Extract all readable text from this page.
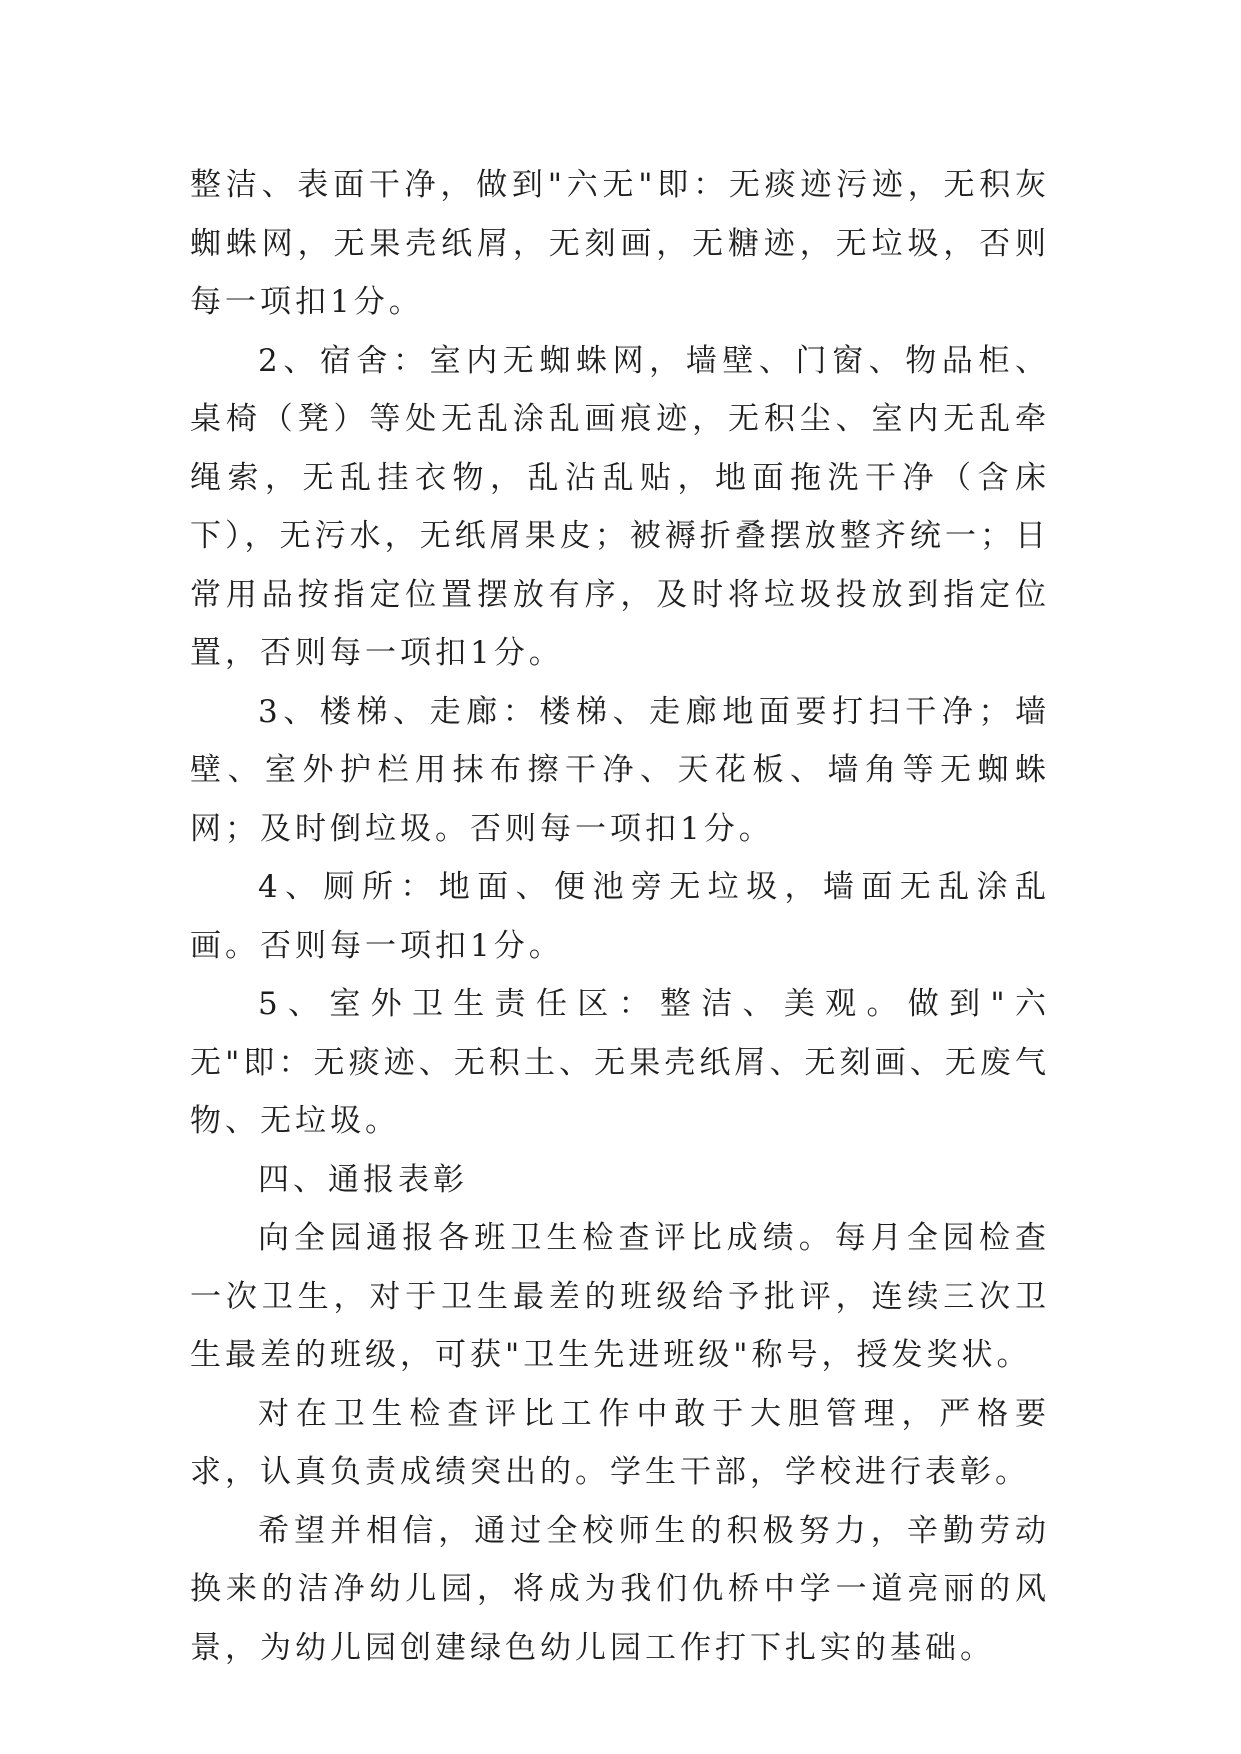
整洁、表面干净，做到"六无"即：无痰迹污迹，无积灰蜘蛛网，无果壳纸屑，无刻画，无糖迹，无垃圾，否则每一项扣1分。

2、宿舍：室内无蜘蛛网，墙壁、门窗、物品柜、桌椅（凳）等处无乱涂乱画痕迹，无积尘、室内无乱牵绳索，无乱挂衣物，乱沾乱贴，地面拖洗干净（含床下），无污水，无纸屑果皮；被褥折叠摆放整齐统一；日常用品按指定位置摆放有序，及时将垃圾投放到指定位置，否则每一项扣1分。

3、楼梯、走廊：楼梯、走廊地面要打扫干净；墙壁、室外护栏用抹布擦干净、天花板、墙角等无蜘蛛网；及时倒垃圾。否则每一项扣1分。

4、厕所：地面、便池旁无垃圾，墙面无乱涂乱画。否则每一项扣1分。

5、室外卫生责任区：整洁、美观。做到"六无"即：无痰迹、无积土、无果壳纸屑、无刻画、无废气物、无垃圾。

四、通报表彰

向全园通报各班卫生检查评比成绩。每月全园检查一次卫生，对于卫生最差的班级给予批评，连续三次卫生最差的班级，可获"卫生先进班级"称号，授发奖状。

对在卫生检查评比工作中敢于大胆管理，严格要求，认真负责成绩突出的。学生干部，学校进行表彰。

希望并相信，通过全校师生的积极努力，辛勤劳动换来的洁净幼儿园，将成为我们仇桥中学一道亮丽的风景，为幼儿园创建绿色幼儿园工作打下扎实的基础。
